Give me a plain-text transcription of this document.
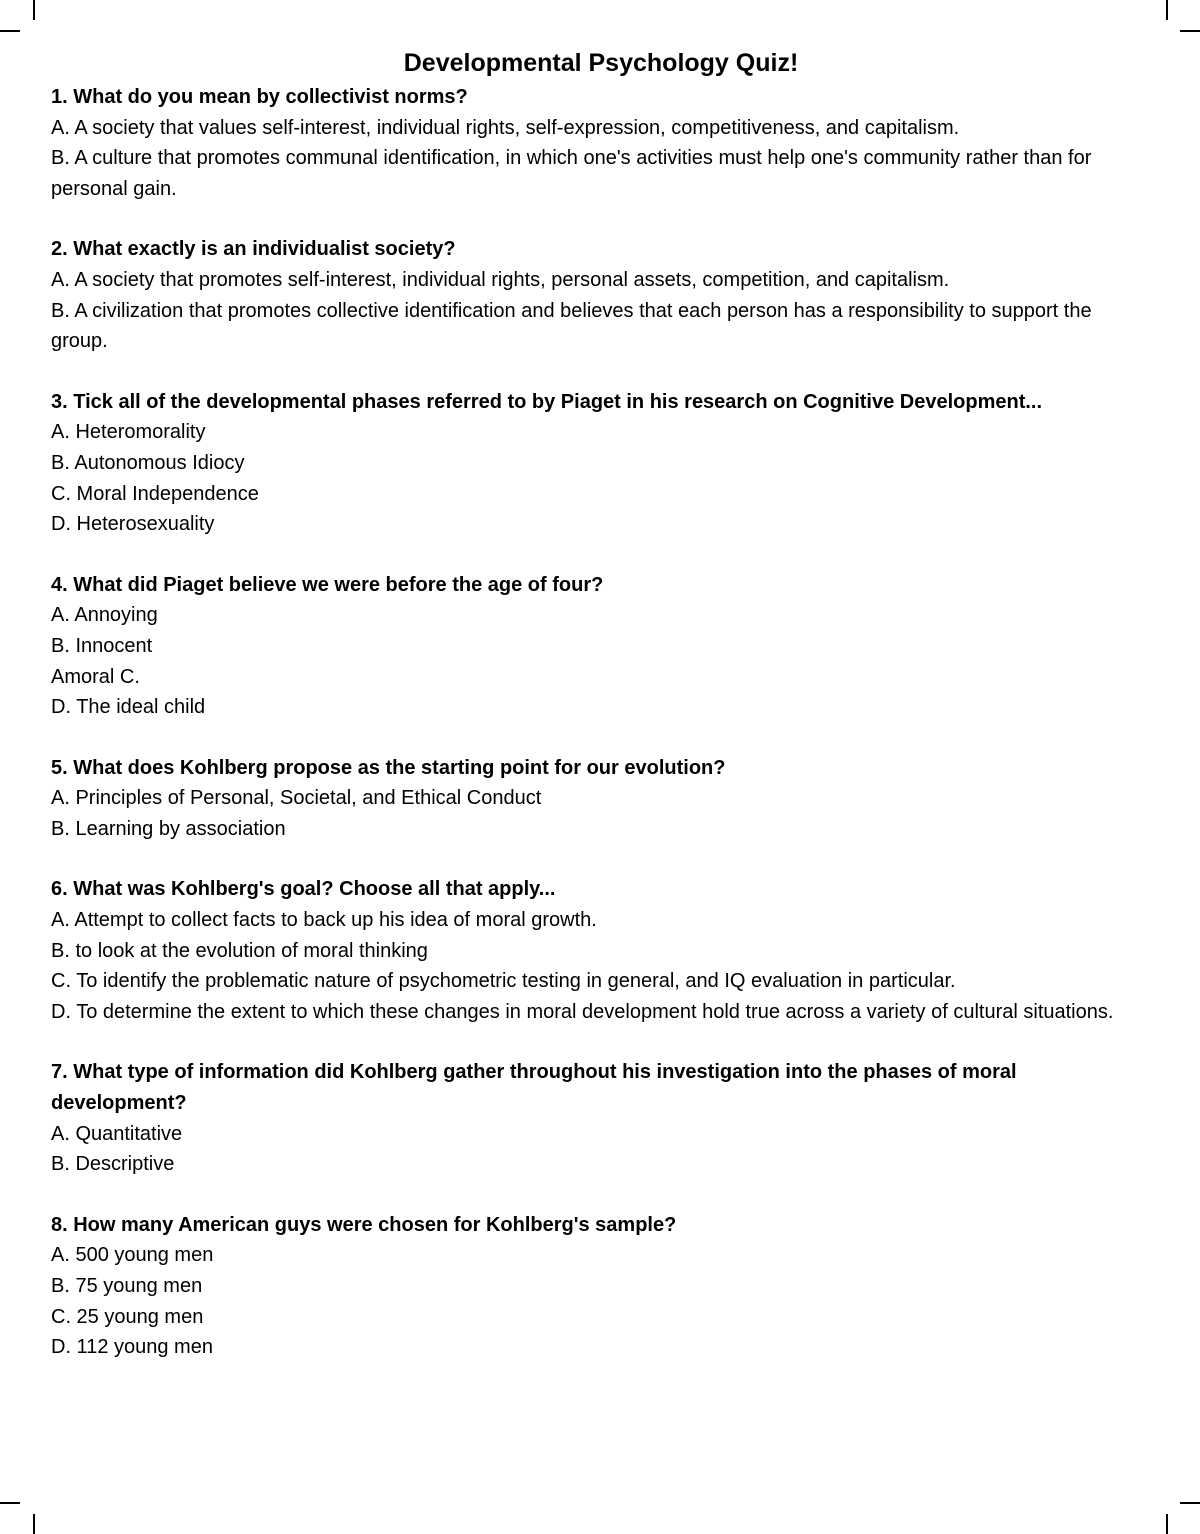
Developmental Psychology Quiz!

1. What do you mean by collectivist norms?

A. A society that values self-interest, individual rights, self-expression, competitiveness, and capitalism.

B. A culture that promotes communal identification, in which one's activities must help one's community rather than for personal gain.

2. What exactly is an individualist society?

A. A society that promotes self-interest, individual rights, personal assets, competition, and capitalism.

B. A civilization that promotes collective identification and believes that each person has a responsibility to support the group.

3. Tick all of the developmental phases referred to by Piaget in his research on Cognitive Development...

A. Heteromorality

B. Autonomous Idiocy

C. Moral Independence

D. Heterosexuality

4. What did Piaget believe we were before the age of four?

A. Annoying

B. Innocent

Amoral C.

D. The ideal child

5. What does Kohlberg propose as the starting point for our evolution?

A. Principles of Personal, Societal, and Ethical Conduct

B. Learning by association

6. What was Kohlberg's goal? Choose all that apply...

A. Attempt to collect facts to back up his idea of moral growth.

B. to look at the evolution of moral thinking

C. To identify the problematic nature of psychometric testing in general, and IQ evaluation in particular.

D. To determine the extent to which these changes in moral development hold true across a variety of cultural situations.

7. What type of information did Kohlberg gather throughout his investigation into the phases of moral development?

A. Quantitative

B. Descriptive

8. How many American guys were chosen for Kohlberg's sample?

A. 500 young men

B. 75 young men

C. 25 young men

D. 112 young men
